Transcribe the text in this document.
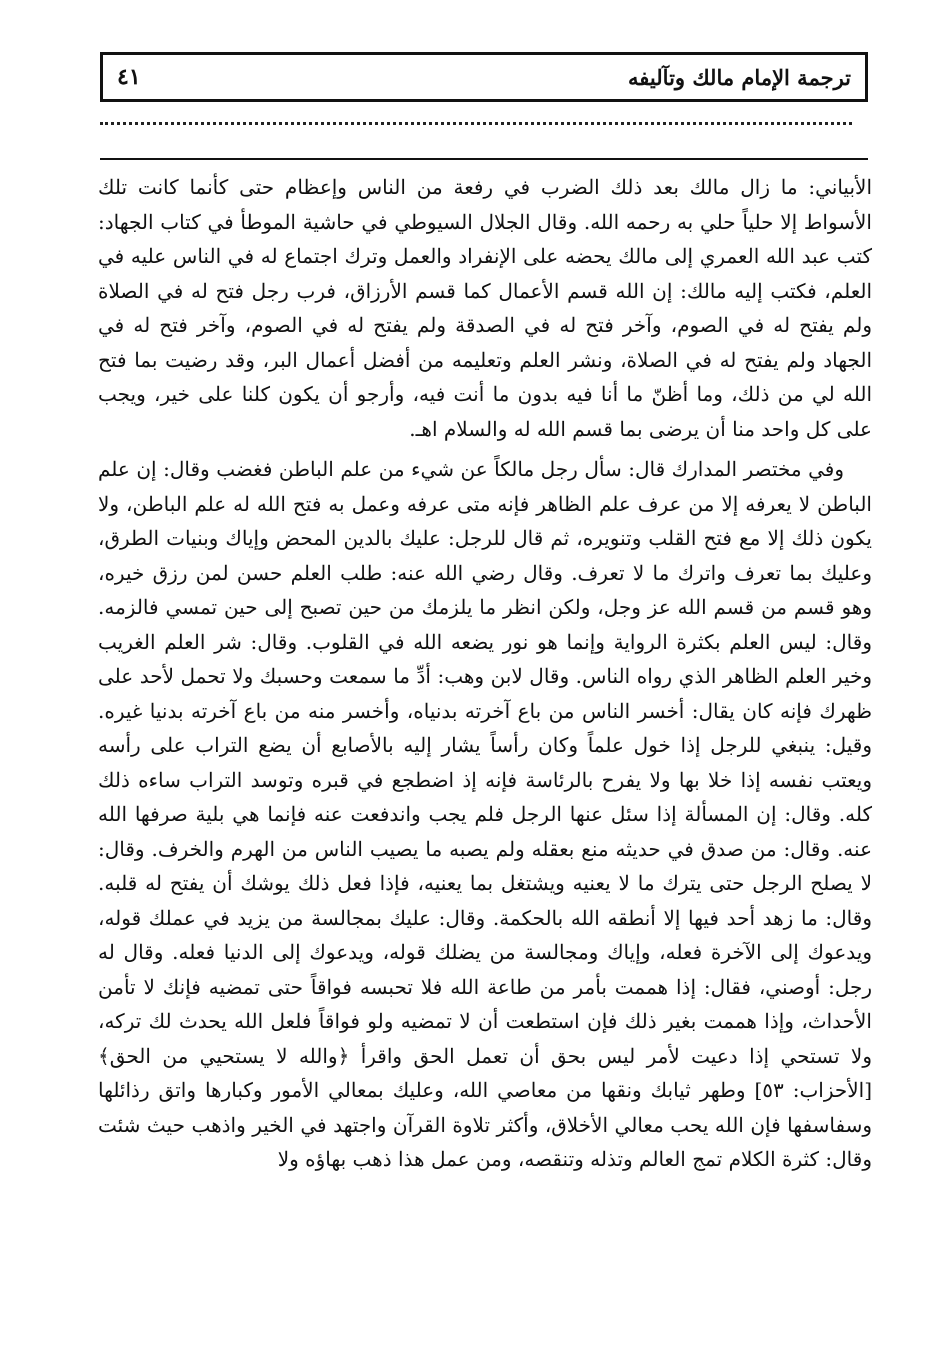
ترجمة الإمام مالك وتآليفه
٤١

الأبياني: ما زال مالك بعد ذلك الضرب في رفعة من الناس وإعظام حتى كأنما كانت تلك الأسواط إلا حلياً حلي به رحمه الله. وقال الجلال السيوطي في حاشية الموطأ في كتاب الجهاد: كتب عبد الله العمري إلى مالك يحضه على الإنفراد والعمل وترك اجتماع له في الناس عليه في العلم، فكتب إليه مالك: إن الله قسم الأعمال كما قسم الأرزاق، فرب رجل فتح له في الصلاة ولم يفتح له في الصوم، وآخر فتح له في الصدقة ولم يفتح له في الصوم، وآخر فتح له في الجهاد ولم يفتح له في الصلاة، ونشر العلم وتعليمه من أفضل أعمال البر، وقد رضيت بما فتح الله لي من ذلك، وما أظنّ ما أنا فيه بدون ما أنت فيه، وأرجو أن يكون كلنا على خير، ويجب على كل واحد منا أن يرضى بما قسم الله له والسلام اهـ.

وفي مختصر المدارك قال: سأل رجل مالكاً عن شيء من علم الباطن فغضب وقال: إن علم الباطن لا يعرفه إلا من عرف علم الظاهر فإنه متى عرفه وعمل به فتح الله له علم الباطن، ولا يكون ذلك إلا مع فتح القلب وتنويره، ثم قال للرجل: عليك بالدين المحض وإياك وبنيات الطرق، وعليك بما تعرف واترك ما لا تعرف. وقال رضي الله عنه: طلب العلم حسن لمن رزق خيره، وهو قسم من قسم الله عز وجل، ولكن انظر ما يلزمك من حين تصبح إلى حين تمسي فالزمه. وقال: ليس العلم بكثرة الرواية وإنما هو نور يضعه الله في القلوب. وقال: شر العلم الغريب وخير العلم الظاهر الذي رواه الناس. وقال لابن وهب: أدِّ ما سمعت وحسبك ولا تحمل لأحد على ظهرك فإنه كان يقال: أخسر الناس من باع آخرته بدنياه، وأخسر منه من باع آخرته بدنيا غيره. وقيل: ينبغي للرجل إذا خول علماً وكان رأساً يشار إليه بالأصابع أن يضع التراب على رأسه ويعتب نفسه إذا خلا بها ولا يفرح بالرئاسة فإنه إذ اضطجع في قبره وتوسد التراب ساءه ذلك كله. وقال: إن المسألة إذا سئل عنها الرجل فلم يجب واندفعت عنه فإنما هي بلية صرفها الله عنه. وقال: من صدق في حديثه منع بعقله ولم يصبه ما يصيب الناس من الهرم والخرف. وقال: لا يصلح الرجل حتى يترك ما لا يعنيه ويشتغل بما يعنيه، فإذا فعل ذلك يوشك أن يفتح له قلبه. وقال: ما زهد أحد فيها إلا أنطقه الله بالحكمة. وقال: عليك بمجالسة من يزيد في عملك قوله، ويدعوك إلى الآخرة فعله، وإياك ومجالسة من يضلك قوله، ويدعوك إلى الدنيا فعله. وقال له رجل: أوصني، فقال: إذا هممت بأمر من طاعة الله فلا تحبسه فواقاً حتى تمضيه فإنك لا تأمن الأحداث، وإذا هممت بغير ذلك فإن استطعت أن لا تمضيه ولو فواقاً فلعل الله يحدث لك تركه، ولا تستحي إذا دعيت لأمر ليس بحق أن تعمل الحق واقرأ ﴿والله لا يستحيي من الحق﴾ [الأحزاب: ٥٣] وطهر ثيابك ونقها من معاصي الله، وعليك بمعالي الأمور وكبارها واتق رذائلها وسفاسفها فإن الله يحب معالي الأخلاق، وأكثر تلاوة القرآن واجتهد في الخير واذهب حيث شئت وقال: كثرة الكلام تمج العالم وتذله وتنقصه، ومن عمل هذا ذهب بهاؤه ولا
